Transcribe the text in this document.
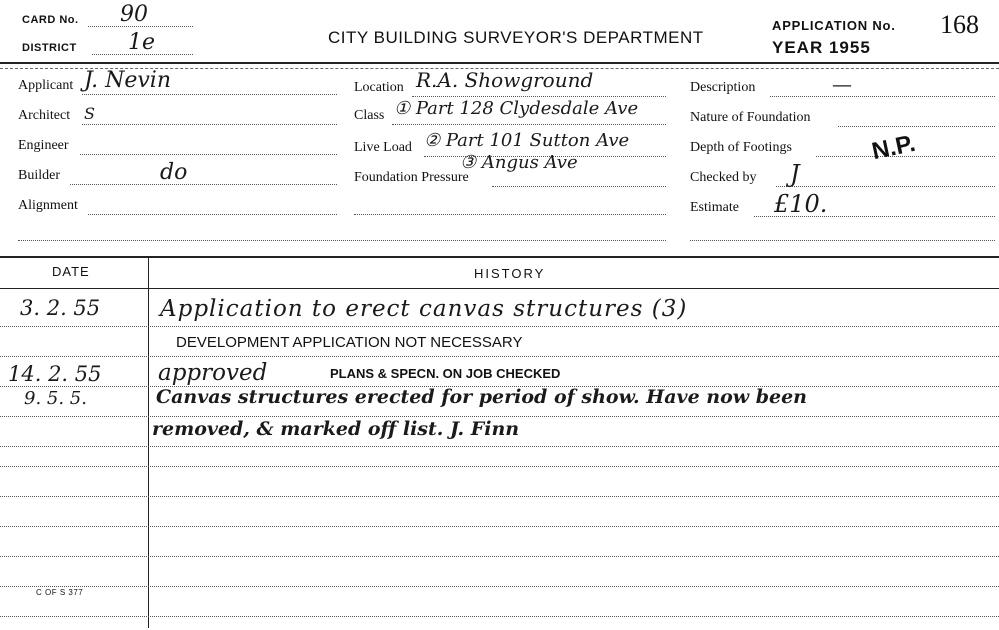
CARD No. 90
DISTRICT 1e	CITY BUILDING SURVEYOR'S DEPARTMENT
APPLICATION No. 168
YEAR 1955
Applicant J. Nevin
Architect S
Engineer
Builder	do
Alignment
Location R.A. Showground
Class ① Part 128 Clydesdale Ave
Live Load ② Part 101 Sutton Ave
Foundation Pressure
③ Angus Ave
Description	—
Nature of Foundation
Depth of Footings	N.P.
Checked by J
Estimate £10.
DATE	HISTORY
3. 2. 55	Application to erect canvas structures (3)
DEVELOPMENT APPLICATION NOT NECESSARY
14. 2. 55 approved	PLANS & SPECN. ON JOB CHECKED
9. 5. 5.	Canvas structures erected for period of show. Have now been
removed, & marked off list. J. Finn
C OF S 377
